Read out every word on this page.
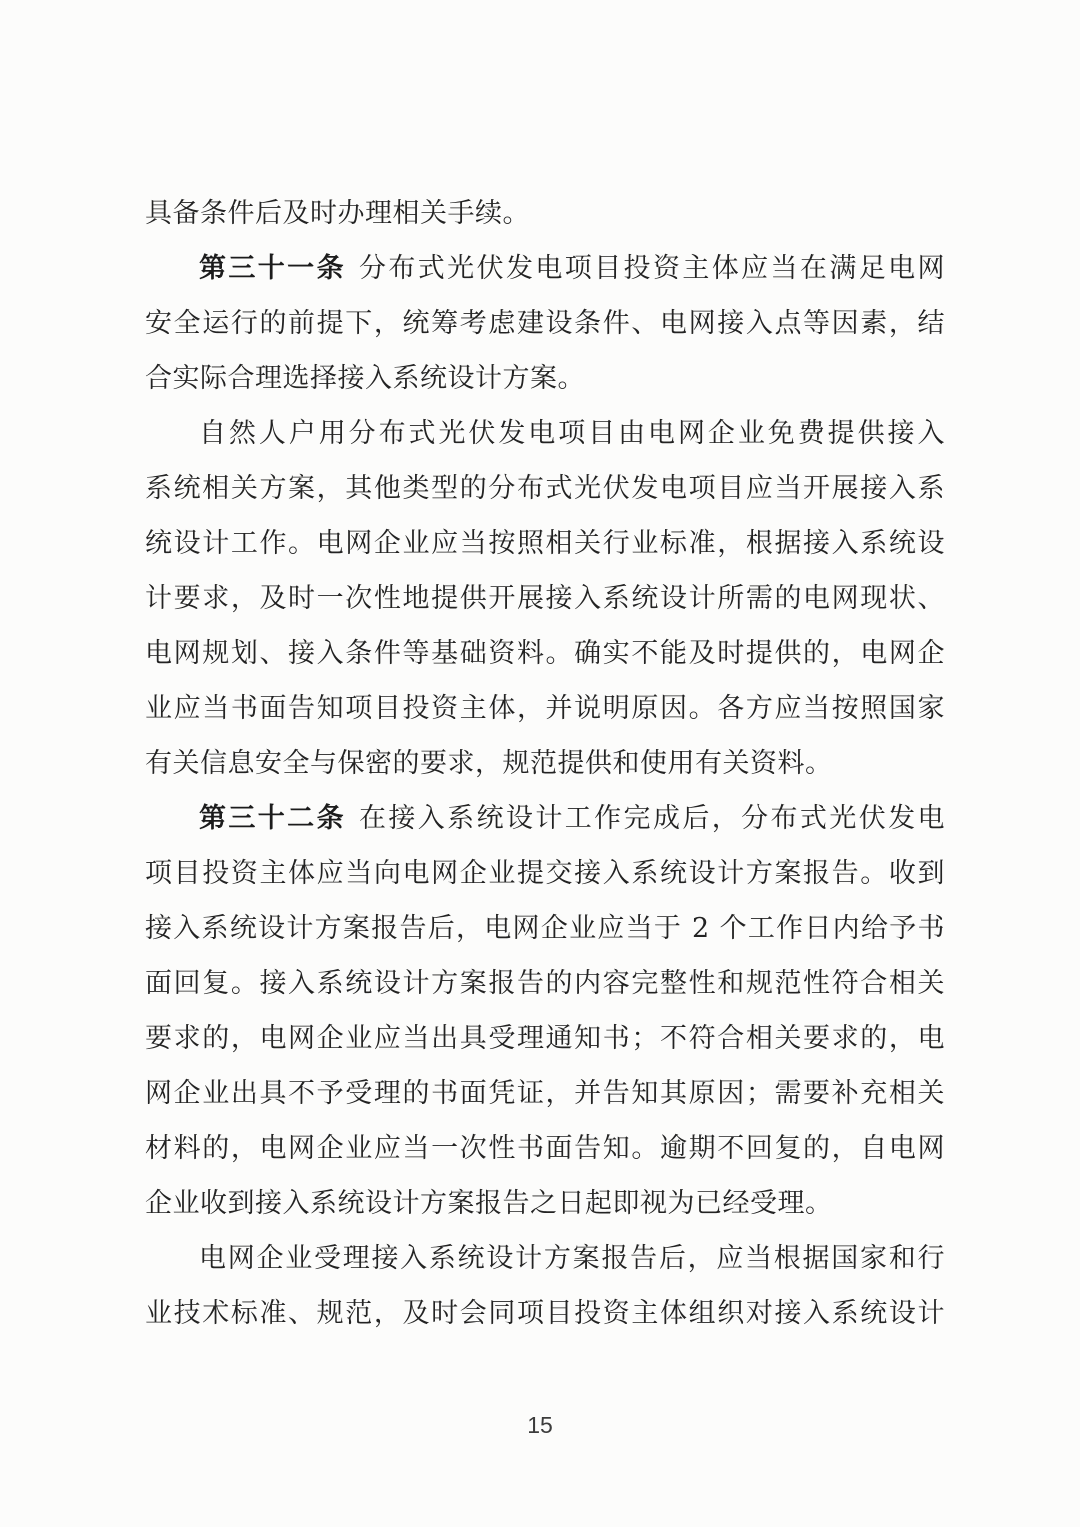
具备条件后及时办理相关手续。
第三十一条 分布式光伏发电项目投资主体应当在满足电网
安全运行的前提下，统筹考虑建设条件、电网接入点等因素，结
合实际合理选择接入系统设计方案。
自然人户用分布式光伏发电项目由电网企业免费提供接入
系统相关方案，其他类型的分布式光伏发电项目应当开展接入系
统设计工作。电网企业应当按照相关行业标准，根据接入系统设
计要求，及时一次性地提供开展接入系统设计所需的电网现状、
电网规划、接入条件等基础资料。确实不能及时提供的，电网企
业应当书面告知项目投资主体，并说明原因。各方应当按照国家
有关信息安全与保密的要求，规范提供和使用有关资料。
第三十二条 在接入系统设计工作完成后，分布式光伏发电
项目投资主体应当向电网企业提交接入系统设计方案报告。收到
接入系统设计方案报告后，电网企业应当于 2 个工作日内给予书
面回复。接入系统设计方案报告的内容完整性和规范性符合相关
要求的，电网企业应当出具受理通知书；不符合相关要求的，电
网企业出具不予受理的书面凭证，并告知其原因；需要补充相关
材料的，电网企业应当一次性书面告知。逾期不回复的，自电网
企业收到接入系统设计方案报告之日起即视为已经受理。
电网企业受理接入系统设计方案报告后，应当根据国家和行
业技术标准、规范，及时会同项目投资主体组织对接入系统设计
15
